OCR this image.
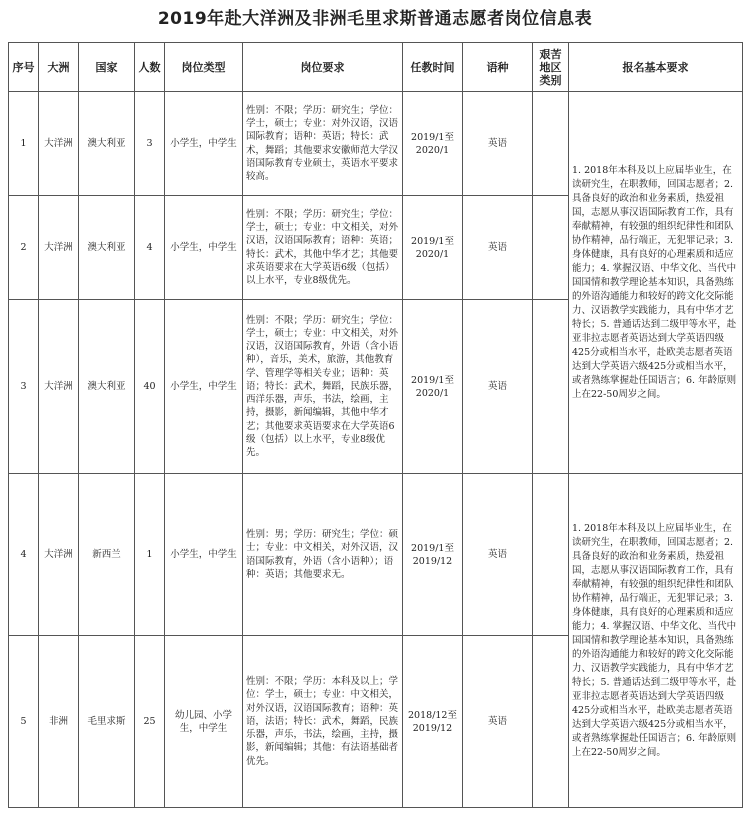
2019年赴大洋洲及非洲毛里求斯普通志愿者岗位信息表
序号	大洲	国家	人数	岗位类型	岗位要求	任教时间	语种	艰苦地区类别	报名基本要求
1	大洋洲	澳大利亚	3	小学生，中学生	性别：不限；学历：研究生；学位：学士，硕士；专业：对外汉语，汉语国际教育；语种：英语；特长：武术，舞蹈；其他要求安徽师范大学汉语国际教育专业硕士，英语水平要求较高。	2019/1至2020/1	英语		1. 2018年本科及以上应届毕业生，在读研究生，在职教师，回国志愿者；2. 具备良好的政治和业务素质，热爱祖国，志愿从事汉语国际教育工作，具有奉献精神，有较强的组织纪律性和团队协作精神，品行端正，无犯罪记录；3. 身体健康，具有良好的心理素质和适应能力；4. 掌握汉语、中华文化、当代中国国情和教学理论基本知识，具备熟练的外语沟通能力和较好的跨文化交际能力、汉语教学实践能力，具有中华才艺特长；5. 普通话达到二级甲等水平，赴亚非拉志愿者英语达到大学英语四级425分或相当水平，赴欧美志愿者英语达到大学英语六级425分或相当水平，或者熟练掌握赴任国语言；6. 年龄原则上在22-50周岁之间。
2	大洋洲	澳大利亚	4	小学生，中学生	性别：不限；学历：研究生；学位：学士，硕士；专业：中文相关，对外汉语，汉语国际教育；语种：英语；特长：武术，其他中华才艺；其他要求英语要求在大学英语6级（包括）以上水平，专业8级优先。	2019/1至2020/1	英语		
3	大洋洲	澳大利亚	40	小学生，中学生	性别：不限；学历：研究生；学位：学士，硕士；专业：中文相关，对外汉语，汉语国际教育，外语（含小语种），音乐，美术，旅游，其他教育学、管理学等相关专业；语种：英语；特长：武术，舞蹈，民族乐器，西洋乐器，声乐，书法，绘画，主持，摄影，新闻编辑，其他中华才艺；其他要求英语要求在大学英语6级（包括）以上水平，专业8级优先。	2019/1至2020/1	英语		
4	大洋洲	新西兰	1	小学生，中学生	性别：男；学历：研究生；学位：硕士；专业：中文相关，对外汉语，汉语国际教育，外语（含小语种）；语种：英语；其他要求无。	2019/1至2019/12	英语		1. 2018年本科及以上应届毕业生，在读研究生，在职教师，回国志愿者；2. 具备良好的政治和业务素质，热爱祖国，志愿从事汉语国际教育工作，具有奉献精神，有较强的组织纪律性和团队协作精神，品行端正，无犯罪记录；3. 身体健康，具有良好的心理素质和适应能力；4. 掌握汉语、中华文化、当代中国国情和教学理论基本知识，具备熟练的外语沟通能力和较好的跨文化交际能力、汉语教学实践能力，具有中华才艺特长；5. 普通话达到二级甲等水平，赴亚非拉志愿者英语达到大学英语四级425分或相当水平，赴欧美志愿者英语达到大学英语六级425分或相当水平，或者熟练掌握赴任国语言；6. 年龄原则上在22-50周岁之间。
5	非洲	毛里求斯	25	幼儿园、小学生，中学生	性别：不限；学历：本科及以上；学位：学士，硕士；专业：中文相关，对外汉语，汉语国际教育；语种：英语，法语；特长：武术，舞蹈，民族乐器，声乐，书法，绘画，主持，摄影，新闻编辑；其他：有法语基础者优先。	2018/12至2019/12	英语		
